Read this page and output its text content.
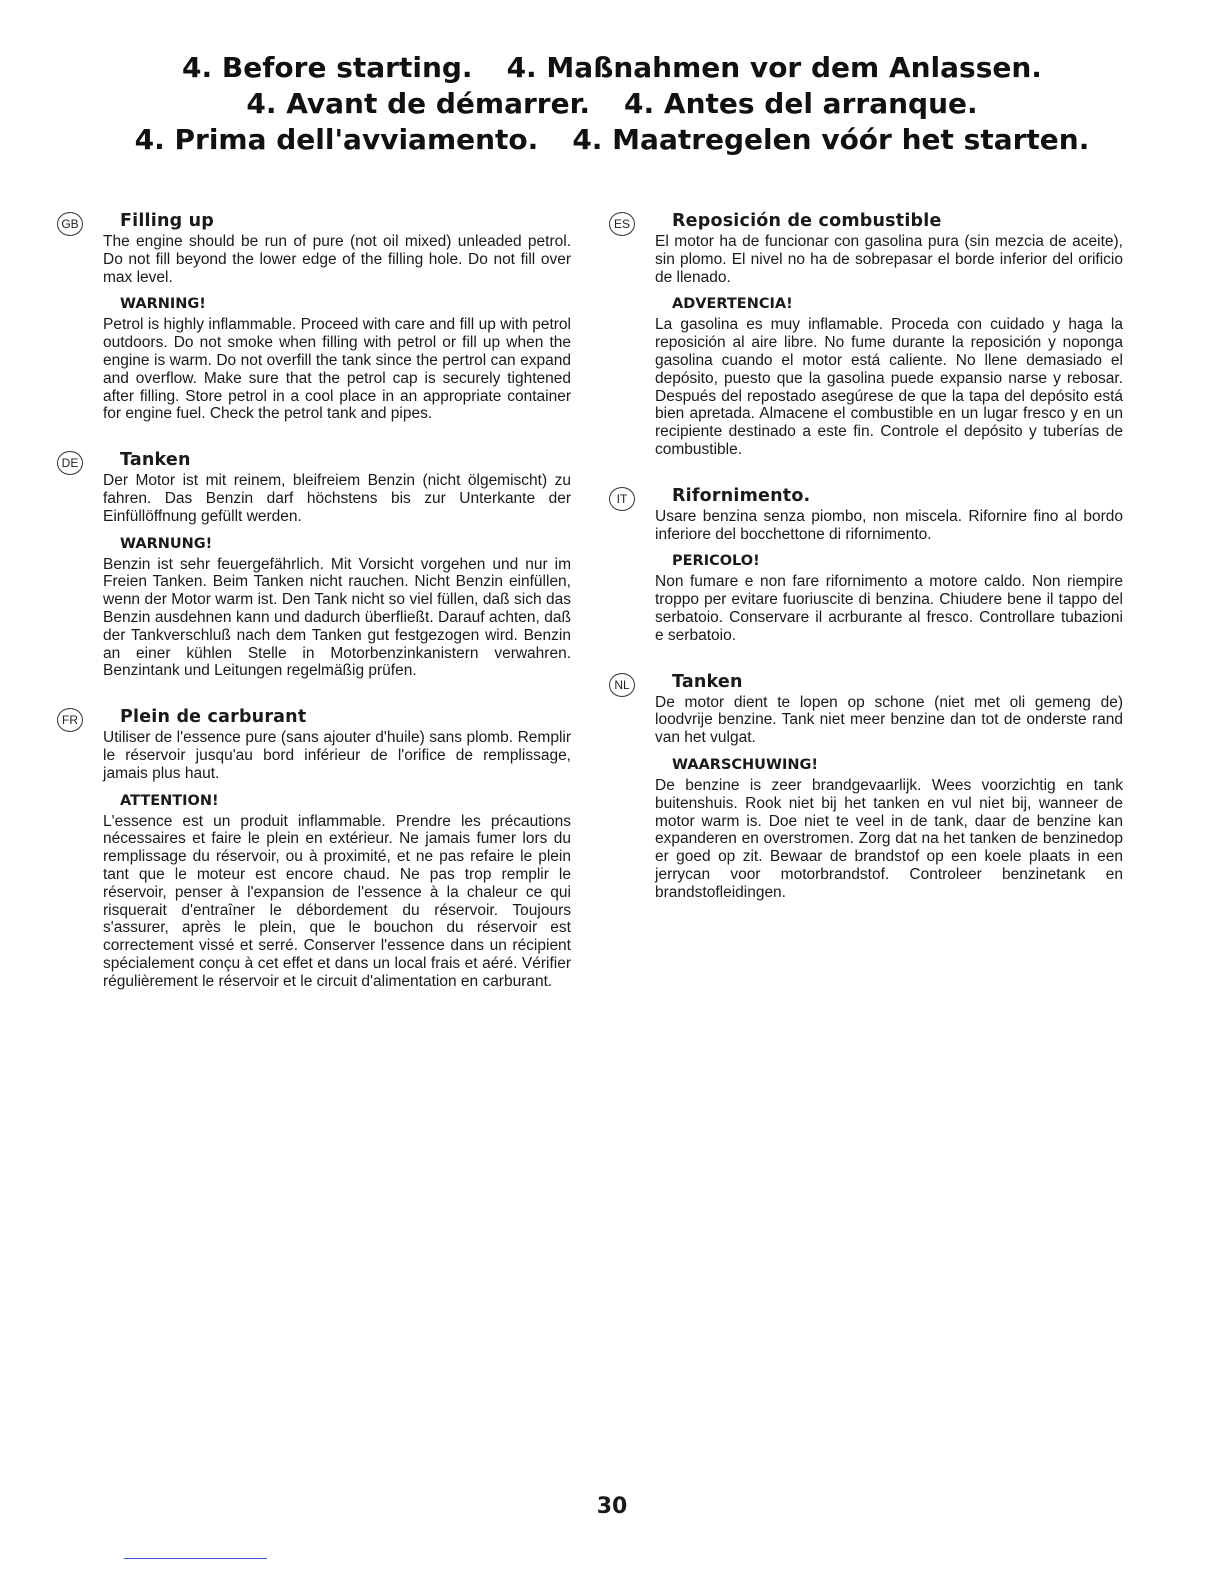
4. Before starting. 4. Maßnahmen vor dem Anlassen.
4. Avant de démarrer. 4. Antes del arranque.
4. Prima dell'avviamento. 4. Maatregelen vóór het starten.
GB Filling up

The engine should be run of pure (not oil mixed) unleaded petrol. Do not fill beyond the lower edge of the filling hole. Do not fill over max level.

WARNING!

Petrol is highly inflammable. Proceed with care and fill up with petrol outdoors. Do not smoke when filling with petrol or fill up when the engine is warm. Do not overfill the tank since the pertrol can expand and overflow. Make sure that the petrol cap is securely tightened after filling. Store petrol in a cool place in an appropriate container for engine fuel. Check the petrol tank and pipes.

DE Tanken

Der Motor ist mit reinem, bleifreiem Benzin (nicht ölgemischt) zu fahren. Das Benzin darf höchstens bis zur Unterkante der Einfüllöffnung gefüllt werden.

WARNUNG!

Benzin ist sehr feuergefährlich. Mit Vorsicht vorgehen und nur im Freien Tanken. Beim Tanken nicht rauchen. Nicht Benzin einfüllen, wenn der Motor warm ist. Den Tank nicht so viel füllen, daß sich das Benzin ausdehnen kann und dadurch überfließt. Darauf achten, daß der Tankverschluß nach dem Tanken gut festgezogen wird. Benzin an einer kühlen Stelle in Motorbenzinkanistern verwahren. Benzintank und Leitungen regelmäßig prüfen.

FR Plein de carburant

Utiliser de l'essence pure (sans ajouter d'huile) sans plomb. Remplir le réservoir jusqu'au bord inférieur de l'orifice de remplissage, jamais plus haut.

ATTENTION!

L'essence est un produit inflammable. Prendre les précautions nécessaires et faire le plein en extérieur. Ne jamais fumer lors du remplissage du réservoir, ou à proximité, et ne pas refaire le plein tant que le moteur est encore chaud. Ne pas trop remplir le réservoir, penser à l'expansion de l'essence à la chaleur ce qui risquerait d'entraîner le débordement du réservoir. Toujours s'assurer, après le plein, que le bouchon du réservoir est correctement vissé et serré. Conserver l'essence dans un récipient spécialement conçu à cet effet et dans un local frais et aéré. Vérifier régulièrement le réservoir et le circuit d'alimentation en carburant.

ES Reposición de combustible

El motor ha de funcionar con gasolina pura (sin mezcia de aceite), sin plomo. El nivel no ha de sobrepasar el borde inferior del orificio de llenado.

ADVERTENCIA!

La gasolina es muy inflamable. Proceda con cuidado y haga la reposición al aire libre. No fume durante la reposición y noponga gasolina cuando el motor está caliente. No llene demasiado el depósito, puesto que la gasolina puede expansio narse y rebosar. Después del repostado asegúrese de que la tapa del depósito está bien apretada. Almacene el combustible en un lugar fresco y en un recipiente destinado a este fin. Controle el depósito y tuberías de combustible.

IT	Rifornimento.

Usare benzina senza piombo, non miscela. Rifornire fino al bordo inferiore del bocchettone di rifornimento.

PERICOLO!

Non fumare e non fare rifornimento a motore caldo. Non riempire troppo per evitare fuoriuscite di benzina. Chiudere bene il tappo del serbatoio. Conservare il acrburante al fresco. Controllare tubazioni e serbatoio.

NL	Tanken

De motor dient te lopen op schone (niet met oli gemeng de) loodvrije benzine. Tank niet meer benzine dan tot de onderste rand van het vulgat.

WAARSCHUWING!

De benzine is zeer brandgevaarlijk. Wees voorzichtig en tank buitenshuis. Rook niet bij het tanken en vul niet bij, wanneer de motor warm is. Doe niet te veel in de tank, daar de benzine kan expanderen en overstromen. Zorg dat na het tanken de benzinedop er goed op zit. Bewaar de brandstof op een koele plaats in een jerrycan voor motorbrandstof. Controleer benzinetank en brandstofleidingen.

30
